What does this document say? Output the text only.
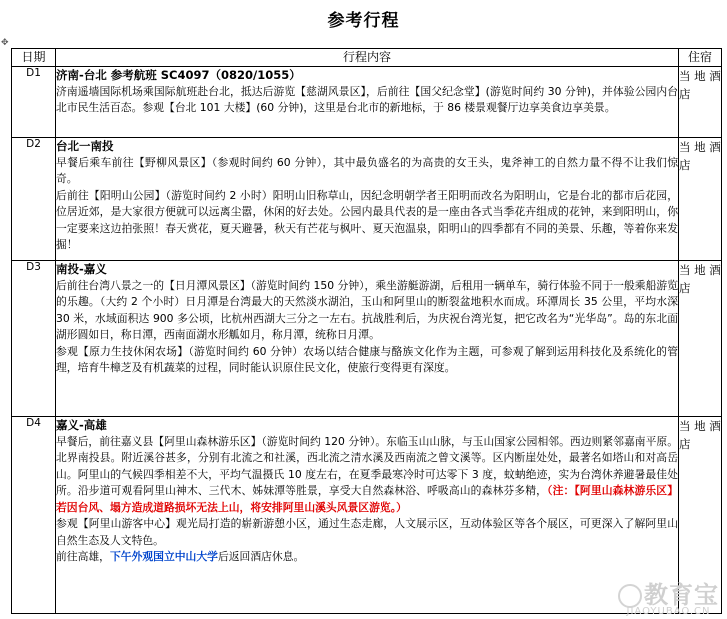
参考行程
✥
日期	行程内容	住宿
D1	济南-台北 参考航班 SC4097（0820/1055）
济南遥墙国际机场乘国际航班赴台北，抵达后游览【慈湖风景区】，后前往【国父纪念堂】(游览时间约 30 分钟)，并体验公园内台北市民生活百态。参观【台北 101 大楼】(60 分钟)，这里是台北市的新地标，于 86 楼景观餐厅边享美食边享美景。	当 地 酒店
D2	台北一南投
早餐后乘车前往【野柳风景区】（参观时间约 60 分钟），其中最负盛名的为高贵的女王头，鬼斧神工的自然力量不得不让我们惊奇。
后前往【阳明山公园】（游览时间约 2 小时）阳明山旧称草山，因纪念明朝学者王阳明而改名为阳明山，它是台北的都市后花园，位居近郊，是大家很方便就可以远离尘嚣，休闲的好去处。公园内最具代表的是一座由各式当季花卉组成的花钟，来到阳明山，你一定要来这边拍张照！春天赏花，夏天避暑，秋天有芒花与枫叶、夏天泡温泉，阳明山的四季都有不同的美景、乐趣，等着你来发掘！	当 地 酒店
D3	南投-嘉义
后前往台湾八景之一的【日月潭风景区】（游览时间约 150 分钟），乘坐游艇游湖，后租用一辆单车，骑行体验不同于一般乘船游览的乐趣。（大约 2 个小时）日月潭是台湾最大的天然淡水湖泊，玉山和阿里山的断裂盆地积水而成。环潭周长 35 公里，平均水深 30 米，水域面积达 900 多公顷，比杭州西湖大三分之一左右。抗战胜利后，为庆祝台湾光复，把它改名为“光华岛”。岛的东北面湖形圆如日，称日潭，西南面湖水形觚如月，称月潭，统称日月潭。
参观【原力生技休闲农场】（游览时间约 60 分钟）农场以结合健康与酪族文化作为主题，可参观了解到运用科技化及系统化的管理，培育牛樟芝及有机蔬菜的过程，同时能认识原住民文化，使旅行变得更有深度。	当 地 酒店
D4	嘉义-高雄
早餐后，前往嘉义县【阿里山森林游乐区】（游览时间约 120 分钟）。东临玉山山脉，与玉山国家公园相邻。西边则紧邻嘉南平原。北界南投县。附近溪谷甚多，分别有北流之和社溪，西北流之清水溪及西南流之曾文溪等。区内断崖处处，最著名如塔山和对高岳山。阿里山的气候四季相差不大，平均气温摄氏 10 度左右，在夏季最寒冷时可达零下 3 度，蚊蚋绝迹，实为台湾休养避暑最佳处所。沿步道可观看阿里山神木、三代木、姊妹潭等胜景，享受大自然森林浴、呼吸高山的森林芬多精，（注：【阿里山森林游乐区】若因台风、塌方造成道路损坏无法上山，将安排阿里山溪头风景区游览。）
参观【阿里山游客中心】观光局打造的崭新游憩小区，通过生态走廊，人文展示区，互动体验区等各个展区，可更深入了解阿里山自然生态及人文特色。
前往高雄，下午外观国立中山大学后返回酒店休息。	当 地 酒店
教育宝
JIAOYUBAO.CN
